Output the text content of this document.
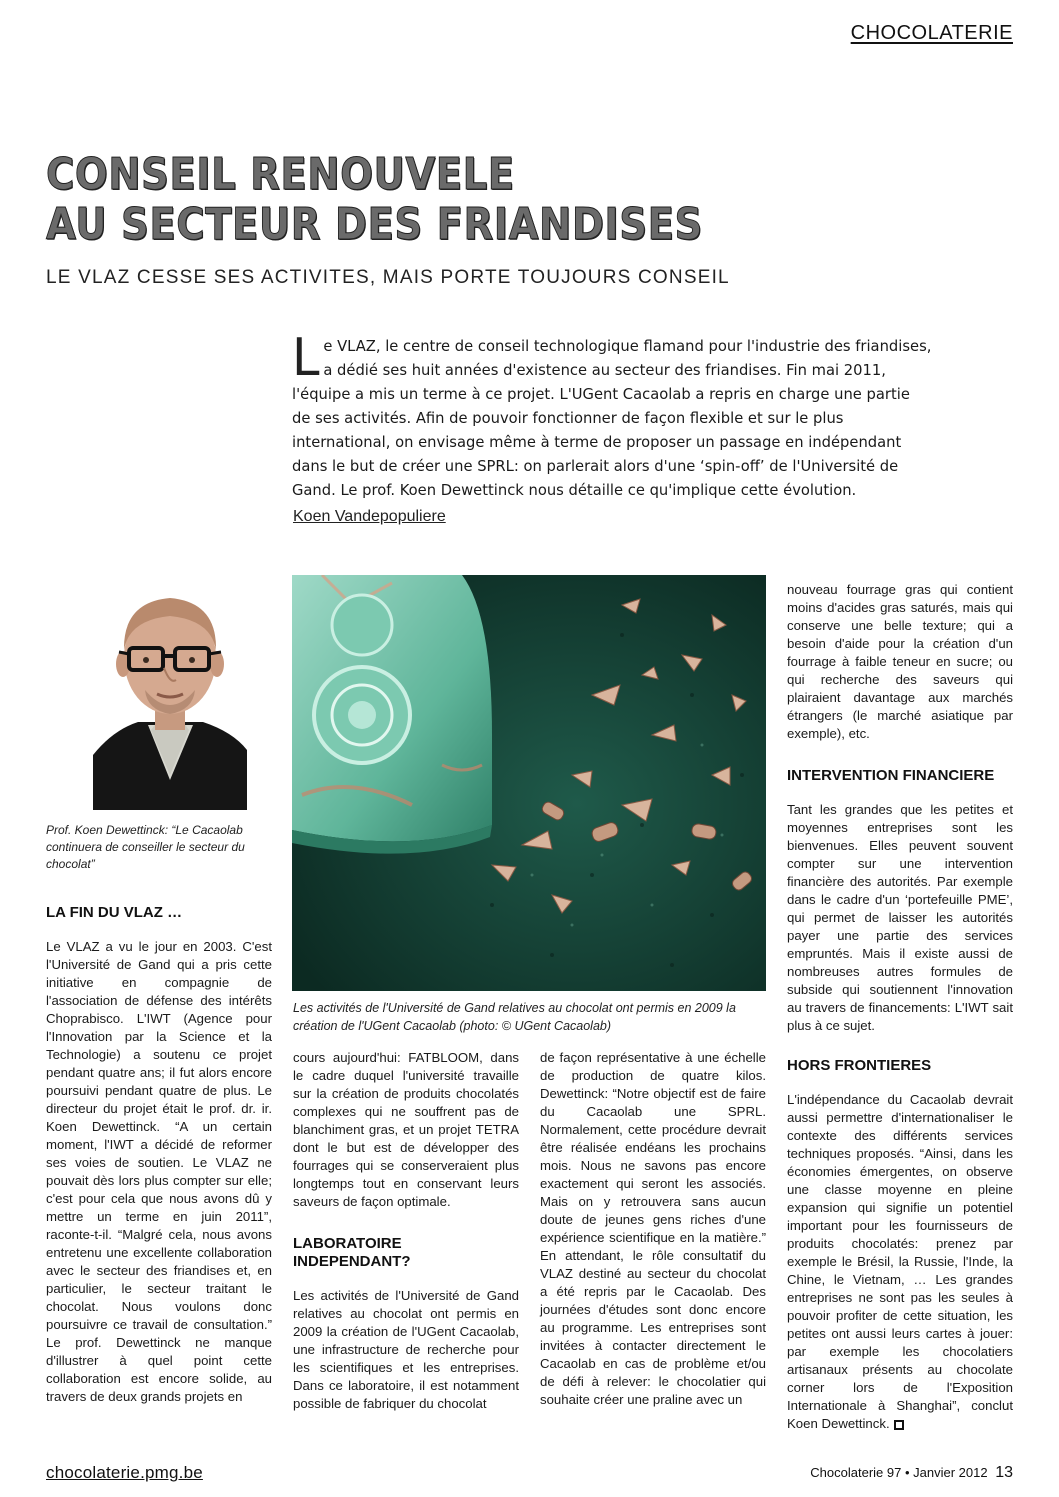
CHOCOLATERIE
CONSEIL RENOUVELE
AU SECTEUR DES FRIANDISES
LE VLAZ CESSE SES ACTIVITES, MAIS PORTE TOUJOURS CONSEIL
Le VLAZ, le centre de conseil technologique flamand pour l'industrie des friandises, a dédié ses huit années d'existence au secteur des friandises. Fin mai 2011, l'équipe a mis un terme à ce projet. L'UGent Cacaolab a repris en charge une partie de ses activités. Afin de pouvoir fonctionner de façon flexible et sur le plus international, on envisage même à terme de proposer un passage en indépendant dans le but de créer une SPRL: on parlerait alors d'une ‘spin-off’ de l'Université de Gand. Le prof. Koen Dewettinck nous détaille ce qu'implique cette évolution.
Koen Vandepopuliere
Prof. Koen Dewettinck: “Le Cacaolab continuera de conseiller le secteur du chocolat”
Les activités de l'Université de Gand relatives au chocolat ont permis en 2009 la création de l'UGent Cacaolab (photo: © UGent Cacaolab)
LA FIN DU VLAZ …

Le VLAZ a vu le jour en 2003. C'est l'Université de Gand qui a pris cette initiative en compagnie de l'association de défense des intérêts Choprabisco. L'IWT (Agence pour l'Innovation par la Science et la Technologie) a soutenu ce projet pendant quatre ans; il fut alors encore poursuivi pendant quatre de plus. Le directeur du projet était le prof. dr. ir. Koen Dewettinck. “A un certain moment, l'IWT a décidé de reformer ses voies de soutien. Le VLAZ ne pouvait dès lors plus compter sur elle; c'est pour cela que nous avons dû y mettre un terme en juin 2011”, raconte-t-il. “Malgré cela, nous avons entretenu une excellente collaboration avec le secteur des friandises et, en particulier, le secteur traitant le chocolat. Nous voulons donc poursuivre ce travail de consultation.” Le prof. Dewettinck ne manque d'illustrer à quel point cette collaboration est encore solide, au travers de deux grands projets en

cours aujourd'hui: FATBLOOM, dans le cadre duquel l'université travaille sur la création de produits chocolatés complexes qui ne souffrent pas de blanchiment gras, et un projet TETRA dont le but est de développer des fourrages qui se conserveraient plus longtemps tout en conservant leurs saveurs de façon optimale.

LABORATOIRE INDEPENDANT?

Les activités de l'Université de Gand relatives au chocolat ont permis en 2009 la création de l'UGent Cacaolab, une infrastructure de recherche pour les scientifiques et les entreprises. Dans ce laboratoire, il est notamment possible de fabriquer du chocolat

de façon représentative à une échelle de production de quatre kilos. Dewettinck: “Notre objectif est de faire du Cacaolab une SPRL. Normalement, cette procédure devrait être réalisée endéans les prochains mois. Nous ne savons pas encore exactement qui seront les associés. Mais on y retrouvera sans aucun doute de jeunes gens riches d'une expérience scientifique en la matière.” En attendant, le rôle consultatif du VLAZ destiné au secteur du chocolat a été repris par le Cacaolab. Des journées d'études sont donc encore au programme. Les entreprises sont invitées à contacter directement le Cacaolab en cas de problème et/ou de défi à relever: le chocolatier qui souhaite créer une praline avec un

nouveau fourrage gras qui contient moins d'acides gras saturés, mais qui conserve une belle texture; qui a besoin d'aide pour la création d'un fourrage à faible teneur en sucre; ou qui recherche des saveurs qui plairaient davantage aux marchés étrangers (le marché asiatique par exemple), etc.

INTERVENTION FINANCIERE

Tant les grandes que les petites et moyennes entreprises sont les bienvenues. Elles peuvent souvent compter sur une intervention financière des autorités. Par exemple dans le cadre d'un ‘portefeuille PME’, qui permet de laisser les autorités payer une partie des services empruntés. Mais il existe aussi de nombreuses autres formules de subside qui soutiennent l'innovation au travers de financements: L'IWT sait plus à ce sujet.

HORS FRONTIERES

L'indépendance du Cacaolab devrait aussi permettre d'internationaliser le contexte des différents services techniques proposés. “Ainsi, dans les économies émergentes, on observe une classe moyenne en pleine expansion qui signifie un potentiel important pour les fournisseurs de produits chocolatés: prenez par exemple le Brésil, la Russie, l'Inde, la Chine, le Vietnam, … Les grandes entreprises ne sont pas les seules à pouvoir profiter de cette situation, les petites ont aussi leurs cartes à jouer: par exemple les chocolatiers artisanaux présents au chocolate corner lors de l'Exposition Internationale à Shanghai”, conclut Koen Dewettinck.

chocolaterie.pmg.be	Chocolaterie 97 • Janvier 2012 13
